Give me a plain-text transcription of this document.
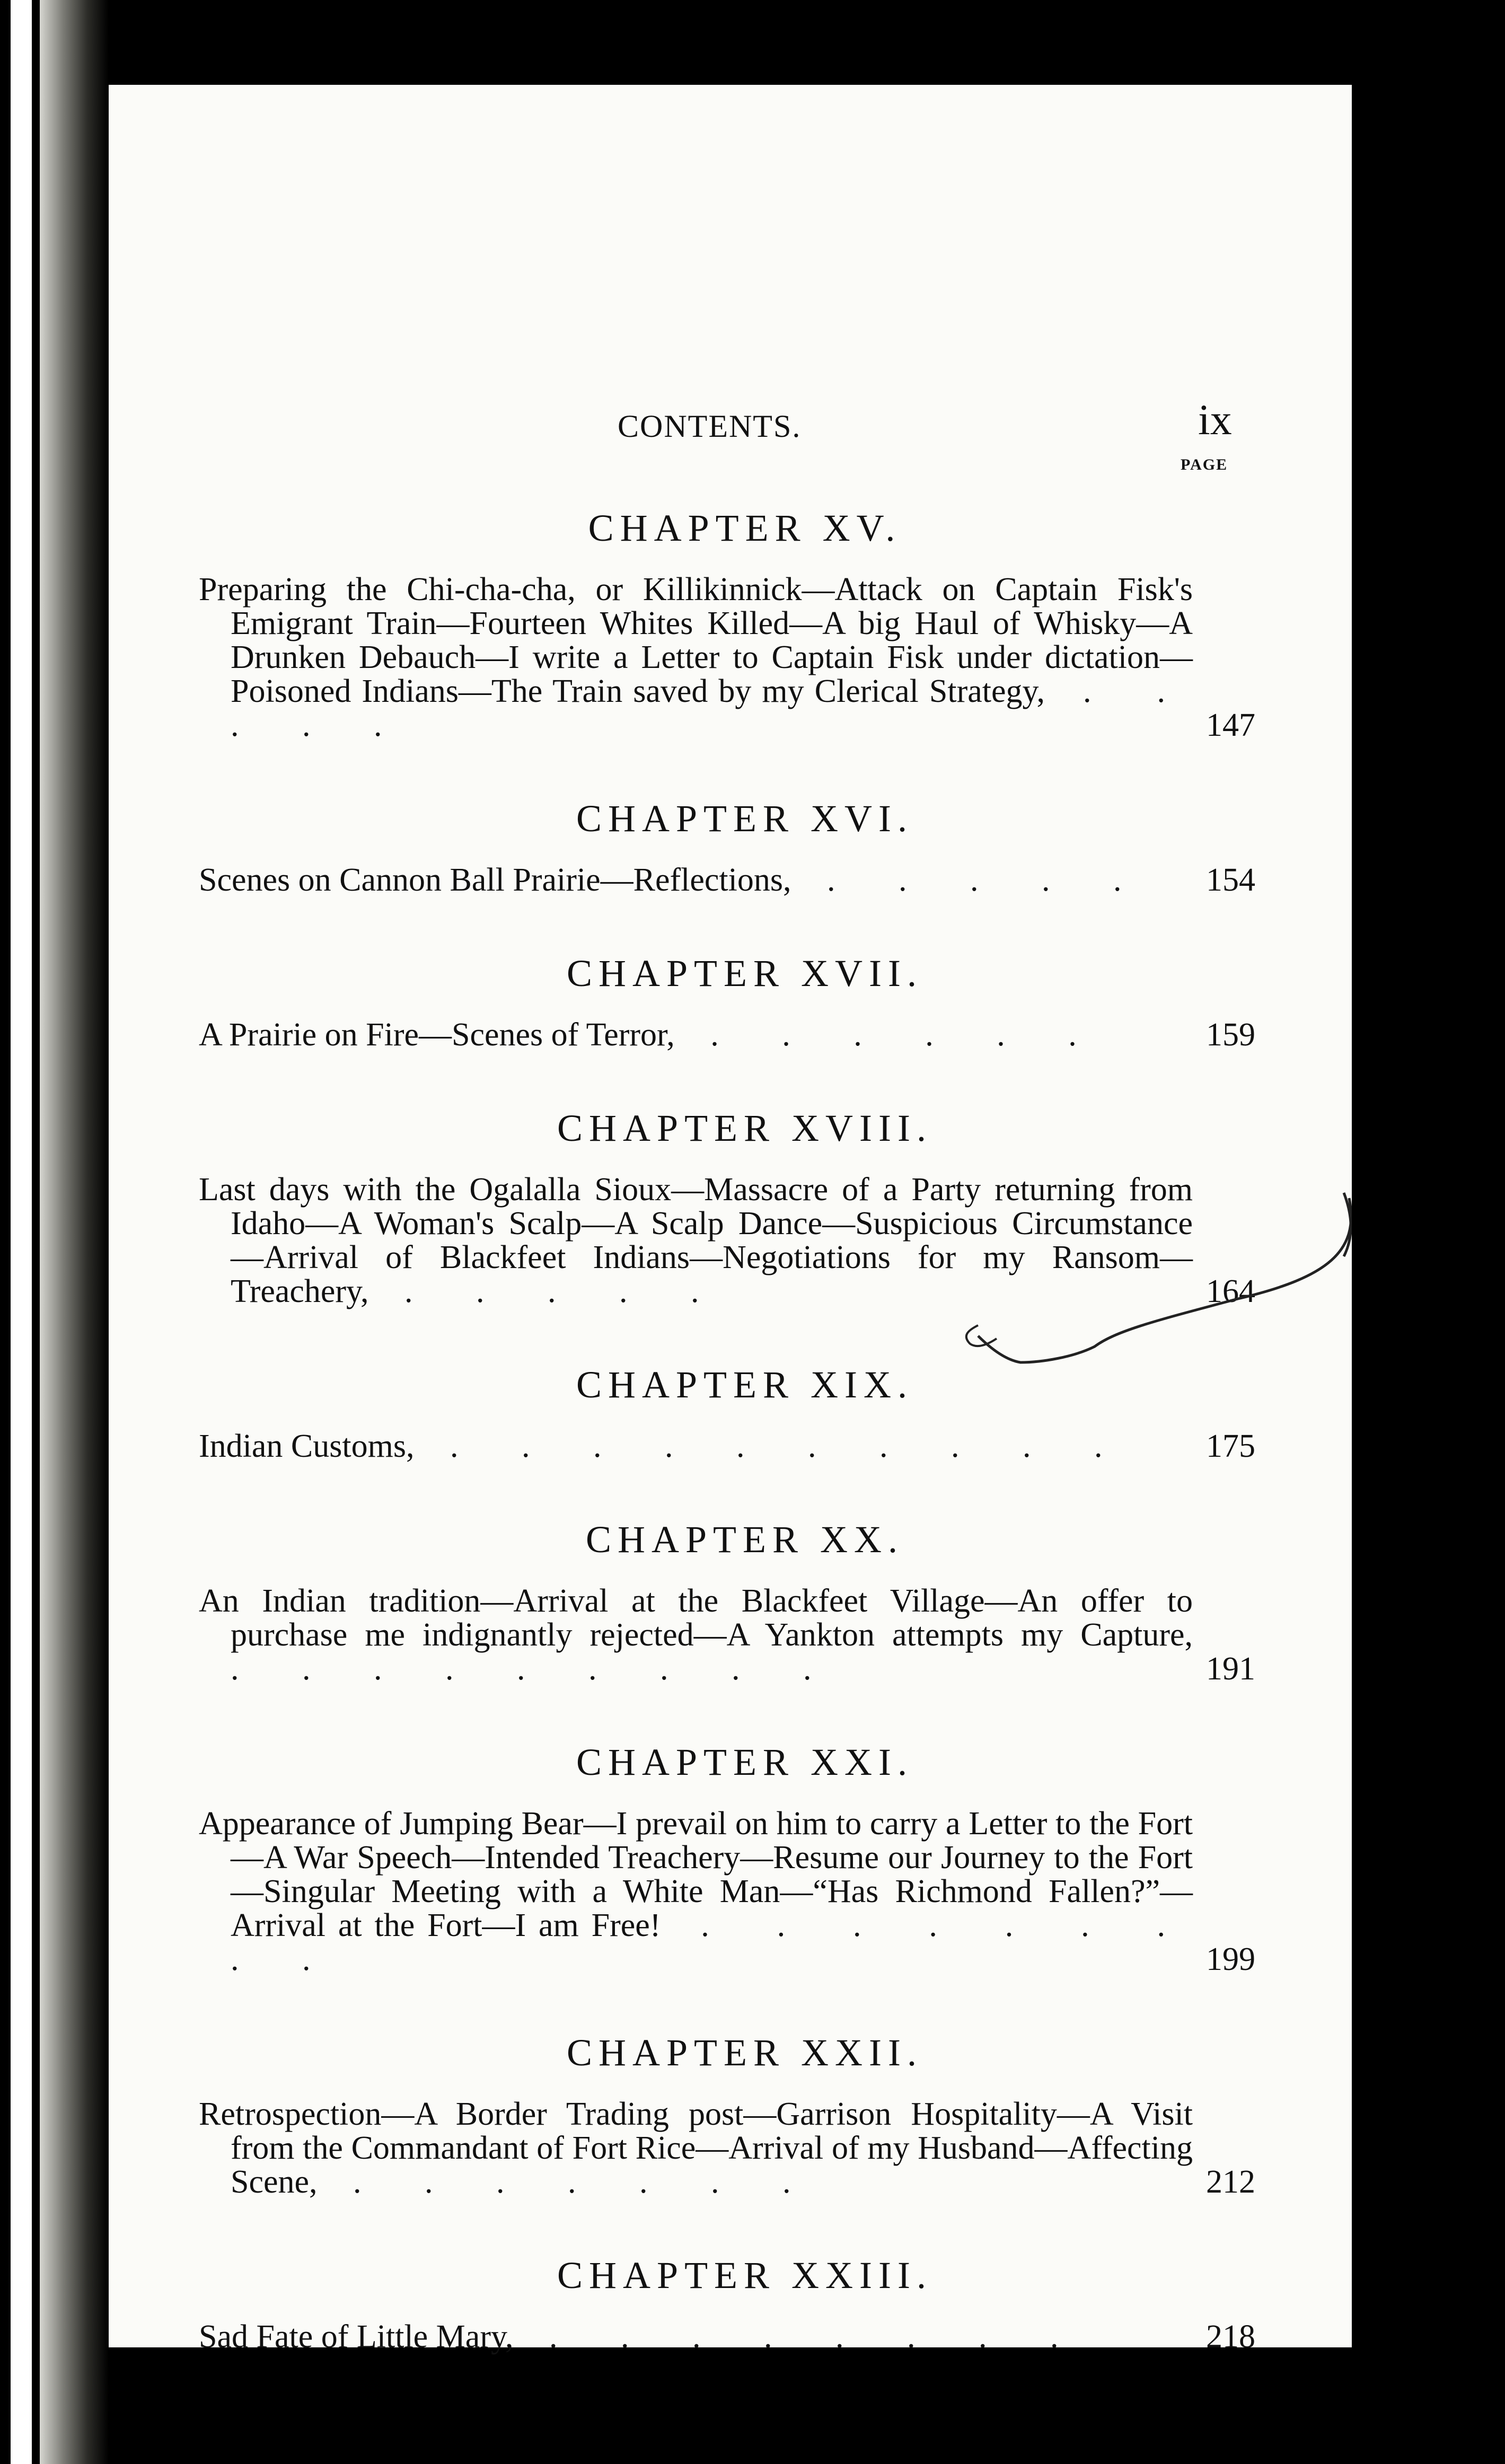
CONTENTS.	ix
PAGE
CHAPTER XV.
Preparing the Chi-cha-cha, or Killikinnick—Attack on Captain Fisk's Emigrant Train—Fourteen Whites Killed—A big Haul of Whisky—A Drunken Debauch—I write a Letter to Captain Fisk under dictation—Poisoned Indians—The Train saved by my Clerical Strategy, . . . . .	147
CHAPTER XVI.
Scenes on Cannon Ball Prairie—Reflections, . . . . . 154
CHAPTER XVII.
A Prairie on Fire—Scenes of Terror, . . . . . .	159
CHAPTER XVIII.
Last days with the Ogalalla Sioux—Massacre of a Party returning from Idaho—A Woman's Scalp—A Scalp Dance—Suspicious Circumstance—Arrival of Blackfeet Indians—Negotiations for my Ransom—Treachery, . . . . .	164
CHAPTER XIX.
Indian Customs, . . . . . . . . . . 175
CHAPTER XX.
An Indian tradition—Arrival at the Blackfeet Village—An offer to purchase me indignantly rejected—A Yankton attempts my Capture, . . . . . . . . .	191
CHAPTER XXI.
Appearance of Jumping Bear—I prevail on him to carry a Letter to the Fort—A War Speech—Intended Treachery—Resume our Journey to the Fort—Singular Meeting with a White Man—“Has Richmond Fallen?”—Arrival at the Fort—I am Free! . . . . . . . . .	199
CHAPTER XXII.
Retrospection—A Border Trading post—Garrison Hospitality—A Visit from the Commandant of Fort Rice—Arrival of my Husband—Affecting Scene, . . . . . . .	212
CHAPTER XXIII.
Sad Fate of Little Mary, . . . . . . . .	218
